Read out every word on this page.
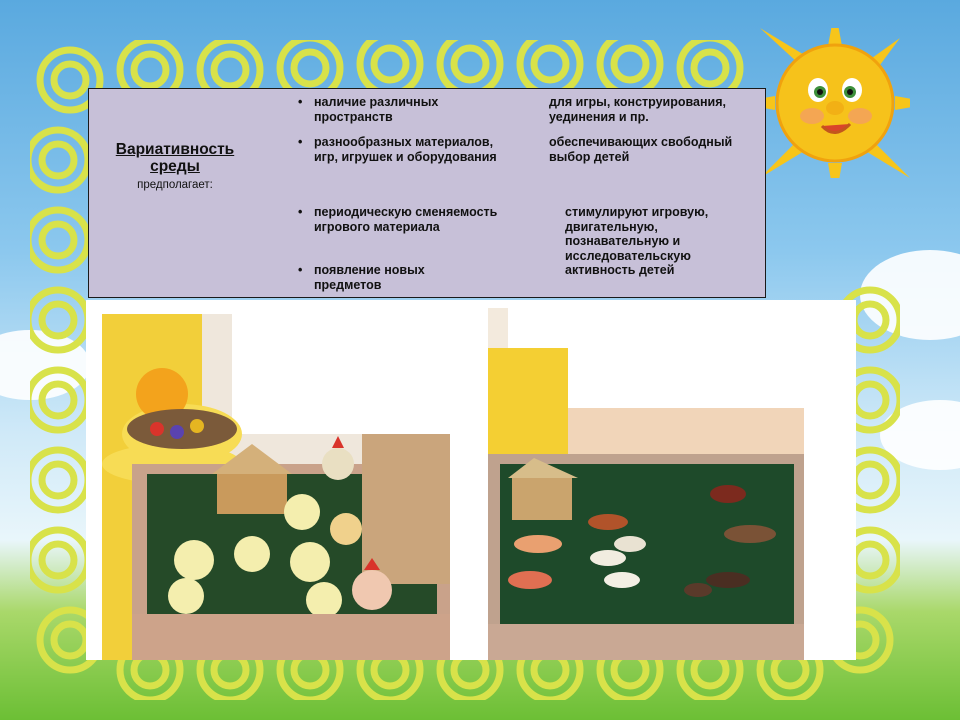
Вариативность среды
предполагает:
• наличие различных пространств
• разнообразных материалов, игр, игрушек и оборудования
• периодическую сменяемость игрового материала
• появление новых предметов
для игры, конструирования, уединения и пр.
обеспечивающих свободный выбор детей
стимулируют игровую, двигательную, познавательную и исследовательскую активность детей
